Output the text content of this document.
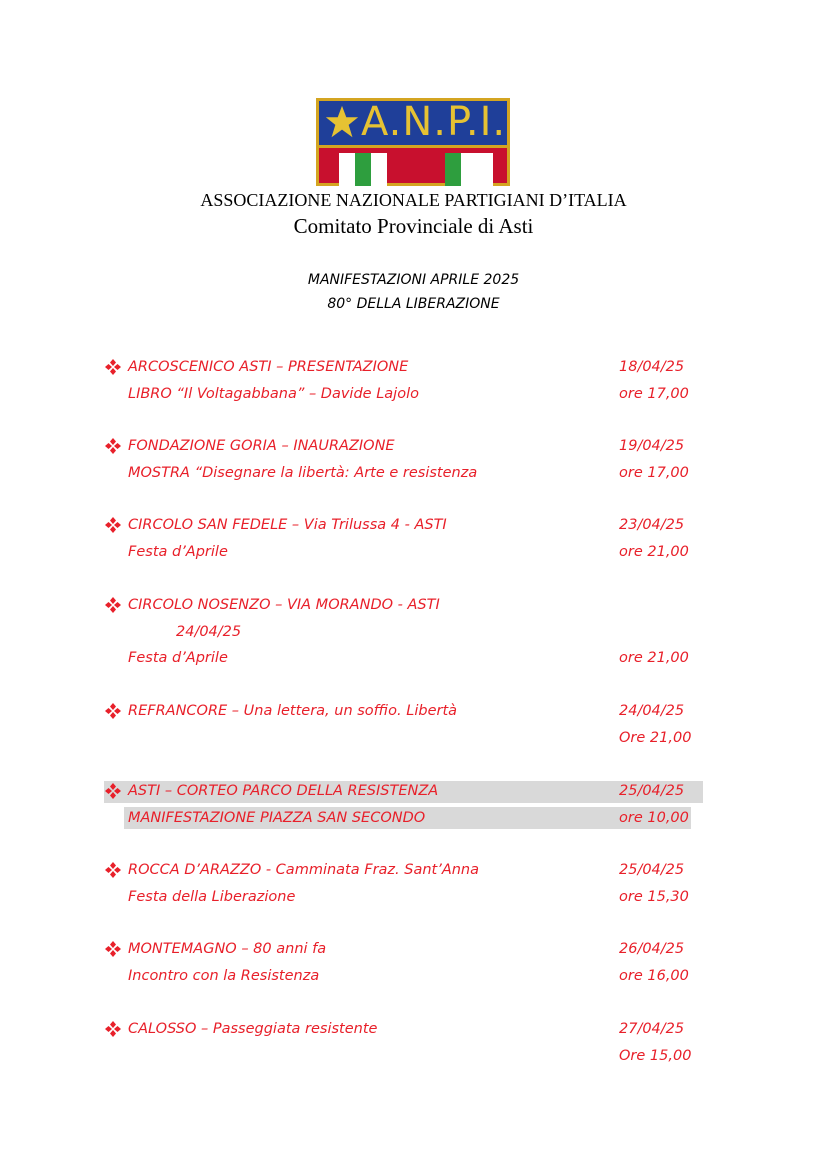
A.N.P.I.
ASSOCIAZIONE NAZIONALE PARTIGIANI D’ITALIA
Comitato Provinciale di Asti
MANIFESTAZIONI APRILE 2025
80° DELLA LIBERAZIONE
ARCOSCENICO ASTI – PRESENTAZIONE	18/04/25
LIBRO “Il Voltagabbana” – Davide Lajolo	ore 17,00
FONDAZIONE GORIA – INAURAZIONE	19/04/25
MOSTRA “Disegnare la libertà: Arte e resistenza	ore 17,00
CIRCOLO SAN FEDELE – Via Trilussa 4 - ASTI	23/04/25
Festa d’Aprile	ore 21,00
CIRCOLO NOSENZO – VIA MORANDO - ASTI
24/04/25
Festa d’Aprile	ore 21,00
REFRANCORE – Una lettera, un soffio. Libertà	24/04/25
Ore 21,00
ASTI – CORTEO PARCO DELLA RESISTENZA	25/04/25
MANIFESTAZIONE PIAZZA SAN SECONDO	ore 10,00
ROCCA D’ARAZZO - Camminata Fraz. Sant’Anna	25/04/25
Festa della Liberazione	ore 15,30
MONTEMAGNO – 80 anni fa	26/04/25
Incontro con la Resistenza	ore 16,00
CALOSSO – Passeggiata resistente	27/04/25
Ore 15,00
